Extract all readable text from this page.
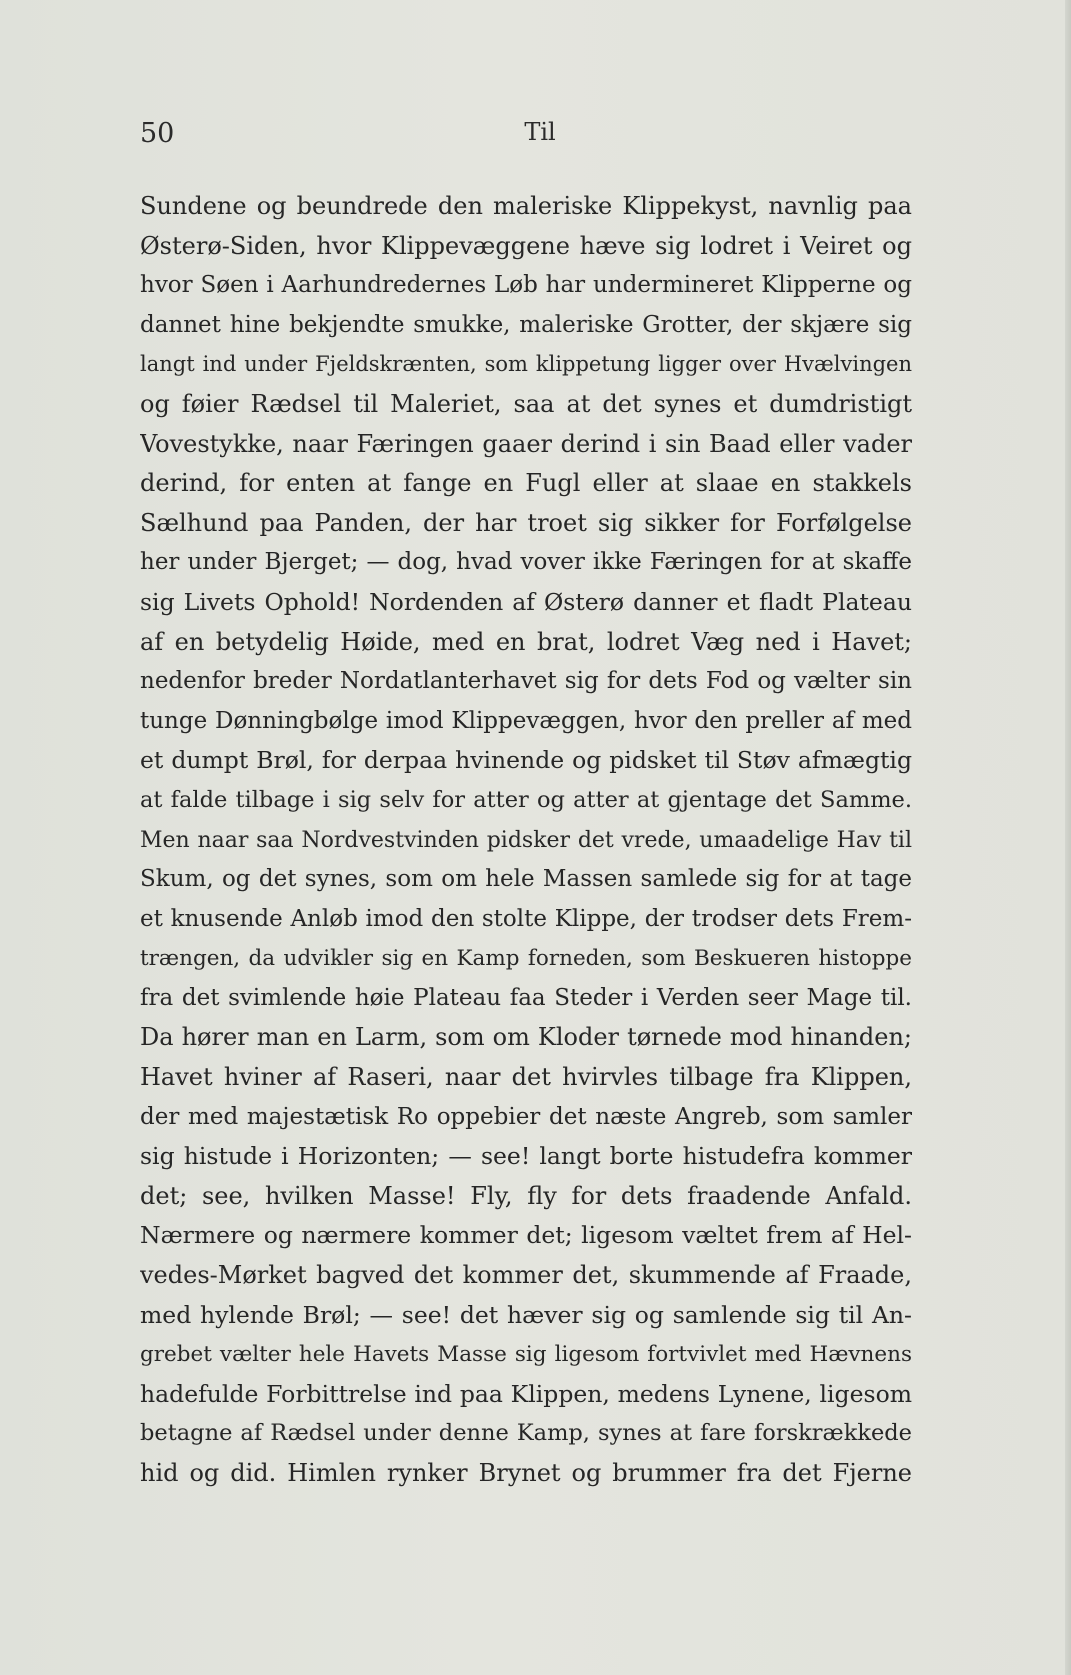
50	Til
Sundene og beundrede den maleriske Klippekyst, navnlig paa
Østerø-Siden, hvor Klippevæggene hæve sig lodret i Veiret og
hvor Søen i Aarhundredernes Løb har undermineret Klipperne og
dannet hine bekjendte smukke, maleriske Grotter, der skjære sig
langt ind under Fjeldskrænten, som klippetung ligger over Hvælvingen
og føier Rædsel til Maleriet, saa at det synes et dumdristigt
Vovestykke, naar Færingen gaaer derind i sin Baad eller vader
derind, for enten at fange en Fugl eller at slaae en stakkels
Sælhund paa Panden, der har troet sig sikker for Forfølgelse
her under Bjerget; — dog, hvad vover ikke Færingen for at skaffe
sig Livets Ophold! Nordenden af Østerø danner et fladt Plateau
af en betydelig Høide, med en brat, lodret Væg ned i Havet;
nedenfor breder Nordatlanterhavet sig for dets Fod og vælter sin
tunge Dønningbølge imod Klippevæggen, hvor den preller af med
et dumpt Brøl, for derpaa hvinende og pidsket til Støv afmægtig
at falde tilbage i sig selv for atter og atter at gjentage det Samme.
Men naar saa Nordvestvinden pidsker det vrede, umaadelige Hav til
Skum, og det synes, som om hele Massen samlede sig for at tage
et knusende Anløb imod den stolte Klippe, der trodser dets Frem-
trængen, da udvikler sig en Kamp forneden, som Beskueren histoppe
fra det svimlende høie Plateau faa Steder i Verden seer Mage til.
Da hører man en Larm, som om Kloder tørnede mod hinanden;
Havet hviner af Raseri, naar det hvirvles tilbage fra Klippen,
der med majestætisk Ro oppebier det næste Angreb, som samler
sig histude i Horizonten; — see! langt borte histudefra kommer
det; see, hvilken Masse! Fly, fly for dets fraadende Anfald.
Nærmere og nærmere kommer det; ligesom væltet frem af Hel-
vedes-Mørket bagved det kommer det, skummende af Fraade,
med hylende Brøl; — see! det hæver sig og samlende sig til An-
grebet vælter hele Havets Masse sig ligesom fortvivlet med Hævnens
hadefulde Forbittrelse ind paa Klippen, medens Lynene, ligesom
betagne af Rædsel under denne Kamp, synes at fare forskrækkede
hid og did. Himlen rynker Brynet og brummer fra det Fjerne
